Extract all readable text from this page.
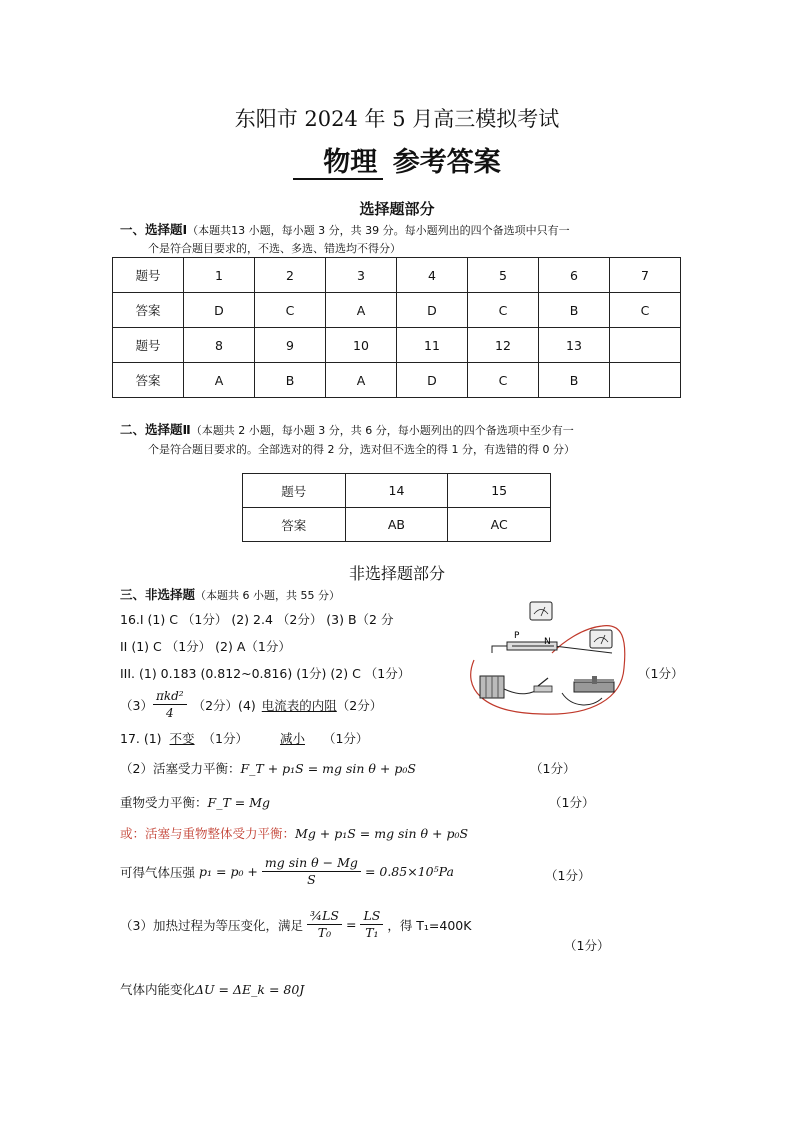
东阳市 2024 年 5 月高三模拟考试
物理 参考答案
选择题部分
一、选择题Ⅰ（本题共13 小题，每小题 3 分，共 39 分。每小题列出的四个备选项中只有一
个是符合题目要求的，不选、多选、错选均不得分）
题号	1	2	3	4	5	6	7
答案	D	C	A	D	C	B	C
题号	8	9	10	11	12	13	
答案	A	B	A	D	C	B	
二、选择题Ⅱ（本题共 2 小题，每小题 3 分，共 6 分，每小题列出的四个备选项中至少有一
个是符合题目要求的。全部选对的得 2 分，选对但不选全的得 1 分，有选错的得 0 分）
题号	14	15
答案	AB	AC
非选择题部分
三、非选择题（本题共 6 小题，共 55 分）
16.I (1) C （1分） (2) 2.4 （2分） (3) B（2 分
II (1) C （1分） (2) A（1分）
III. (1) 0.183 (0.812~0.816) (1分) (2) C （1分）	（1分）
$(3) \frac{\text{πkd²}}{4} (2$分）(4) 电流表的内阻 （2分）
17. (1) 不变 （1分）	减小 （1分）
（2）活塞受力平衡：F_T + p₁S = mg sin θ + p₀S	（1分）
重物受力平衡：F_T = Mg	（1分）
或：活塞与重物整体受力平衡：Mg + p₁S = mg sin θ + p₀S
可得气体压强 $p_1 = p_0 + \frac{\text{mg sin θ − Mg}}{S} = 0.85\times 10^5Pa$	（1分）
（3）加热过程为等压变化，满足 $\frac{\text{¾LS}}{\text{T₀}} = \frac{LS}{\text{T₁}}$ ，得 T₁=400K
（1分）
气体内能变化ΔU = ΔE_k = 80J
P
N
